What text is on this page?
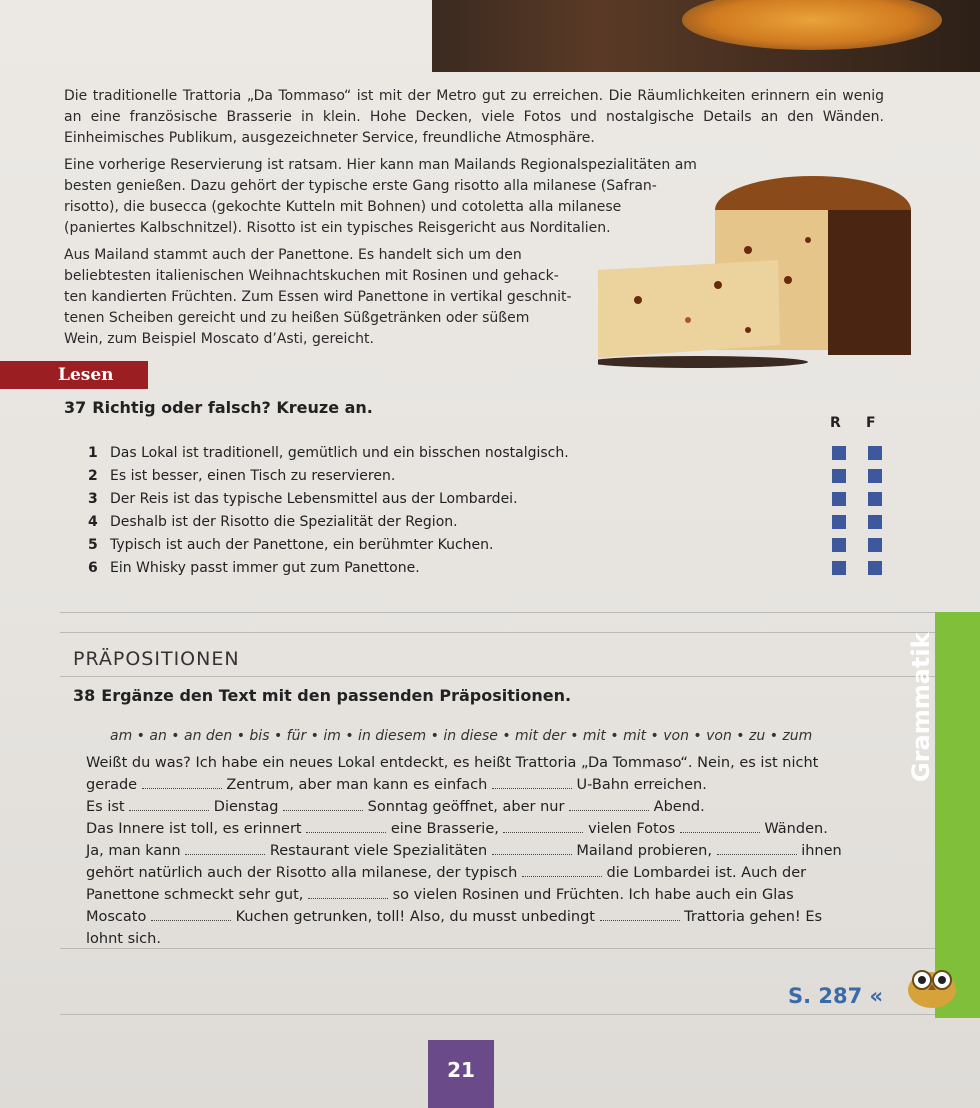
Die traditionelle Trattoria „Da Tommaso“ ist mit der Metro gut zu erreichen. Die Räumlichkeiten erinnern ein wenig an eine französische Brasserie in klein. Hohe Decken, viele Fotos und nostalgische Details an den Wänden. Einheimisches Publikum, ausgezeichneter Service, freundliche Atmosphäre.
Eine vorherige Reservierung ist ratsam. Hier kann man Mailands Regionalspezialitäten am
besten genießen. Dazu gehört der typische erste Gang risotto alla milanese (Safran-
risotto), die busecca (gekochte Kutteln mit Bohnen) und cotoletta alla milanese
(paniertes Kalbschnitzel). Risotto ist ein typisches Reisgericht aus Norditalien.
Aus Mailand stammt auch der Panettone. Es handelt sich um den
beliebtesten italienischen Weihnachtskuchen mit Rosinen und gehack-
ten kandierten Früchten. Zum Essen wird Panettone in vertikal geschnit-
tenen Scheiben gereicht und zu heißen Süßgetränken oder süßem
Wein, zum Beispiel Moscato d’Asti, gereicht.
Lesen
37 Richtig oder falsch? Kreuze an.
R F
1 Das Lokal ist traditionell, gemütlich und ein bisschen nostalgisch.
2 Es ist besser, einen Tisch zu reservieren.
3 Der Reis ist das typische Lebensmittel aus der Lombardei.
4 Deshalb ist der Risotto die Spezialität der Region.
5 Typisch ist auch der Panettone, ein berühmter Kuchen.
6 Ein Whisky passt immer gut zum Panettone.
Grammatik
PRÄPOSITIONEN
38 Ergänze den Text mit den passenden Präpositionen.
am • an • an den • bis • für • im • in diesem • in diese • mit der • mit • mit • von • von • zu • zum
Weißt du was? Ich habe ein neues Lokal entdeckt, es heißt Trattoria „Da Tommaso“. Nein, es ist nicht
gerade	Zentrum, aber man kann es einfach	U-Bahn erreichen.
Es ist	Dienstag	Sonntag geöffnet, aber nur	Abend.
Das Innere ist toll, es erinnert	eine Brasserie,	vielen Fotos	Wänden.
Ja, man kann	Restaurant viele Spezialitäten	Mailand probieren,	ihnen
gehört natürlich auch der Risotto alla milanese, der typisch	die Lombardei ist. Auch der
Panettone schmeckt sehr gut,	so vielen Rosinen und Früchten. Ich habe auch ein Glas
Moscato	Kuchen getrunken, toll! Also, du musst unbedingt	Trattoria gehen! Es
lohnt sich.
S. 287 «
21
